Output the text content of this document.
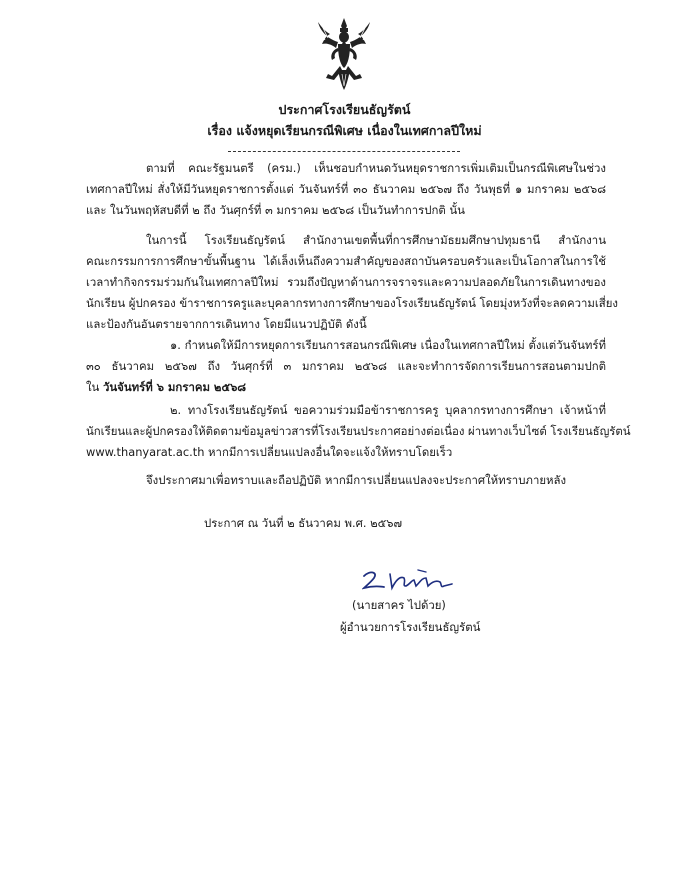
ประกาศโรงเรียนธัญรัตน์
เรื่อง แจ้งหยุดเรียนกรณีพิเศษ เนื่องในเทศกาลปีใหม่
ตามที่ คณะรัฐมนตรี (ครม.) เห็นชอบกำหนดวันหยุดราชการเพิ่มเติมเป็นกรณีพิเศษในช่วง
เทศกาลปีใหม่ สั่งให้มีวันหยุดราชการตั้งแต่ วันจันทร์ที่ ๓๐ ธันวาคม ๒๕๖๗ ถึง วันพุธที่ ๑ มกราคม ๒๕๖๘
และ ในวันพฤหัสบดีที่ ๒ ถึง วันศุกร์ที่ ๓ มกราคม ๒๕๖๘ เป็นวันทำการปกติ นั้น
ในการนี้ โรงเรียนธัญรัตน์ สำนักงานเขตพื้นที่การศึกษามัธยมศึกษาปทุมธานี สำนักงาน
คณะกรรมการการศึกษาขั้นพื้นฐาน ได้เล็งเห็นถึงความสำคัญของสถาบันครอบครัวและเป็นโอกาสในการใช้
เวลาทำกิจกรรมร่วมกันในเทศกาลปีใหม่ รวมถึงปัญหาด้านการจราจรและความปลอดภัยในการเดินทางของ
นักเรียน ผู้ปกครอง ข้าราชการครูและบุคลากรทางการศึกษาของโรงเรียนธัญรัตน์ โดยมุ่งหวังที่จะลดความเสี่ยง
และป้องกันอันตรายจากการเดินทาง โดยมีแนวปฏิบัติ ดังนี้
๑. กำหนดให้มีการหยุดการเรียนการสอนกรณีพิเศษ เนื่องในเทศกาลปีใหม่ ตั้งแต่วันจันทร์ที่
๓๐ ธันวาคม ๒๕๖๗ ถึง วันศุกร์ที่ ๓ มกราคม ๒๕๖๘ และจะทำการจัดการเรียนการสอนตามปกติ
ใน วันจันทร์ที่ ๖ มกราคม ๒๕๖๘
๒. ทางโรงเรียนธัญรัตน์ ขอความร่วมมือข้าราชการครู บุคลากรทางการศึกษา เจ้าหน้าที่
นักเรียนและผู้ปกครองให้ติดตามข้อมูลข่าวสารที่โรงเรียนประกาศอย่างต่อเนื่อง ผ่านทางเว็บไซต์ โรงเรียนธัญรัตน์
www.thanyarat.ac.th หากมีการเปลี่ยนแปลงอื่นใดจะแจ้งให้ทราบโดยเร็ว
จึงประกาศมาเพื่อทราบและถือปฏิบัติ หากมีการเปลี่ยนแปลงจะประกาศให้ทราบภายหลัง
ประกาศ ณ วันที่ ๒ ธันวาคม พ.ศ. ๒๕๖๗
(นายสาคร ไปด้วย)
ผู้อำนวยการโรงเรียนธัญรัตน์
